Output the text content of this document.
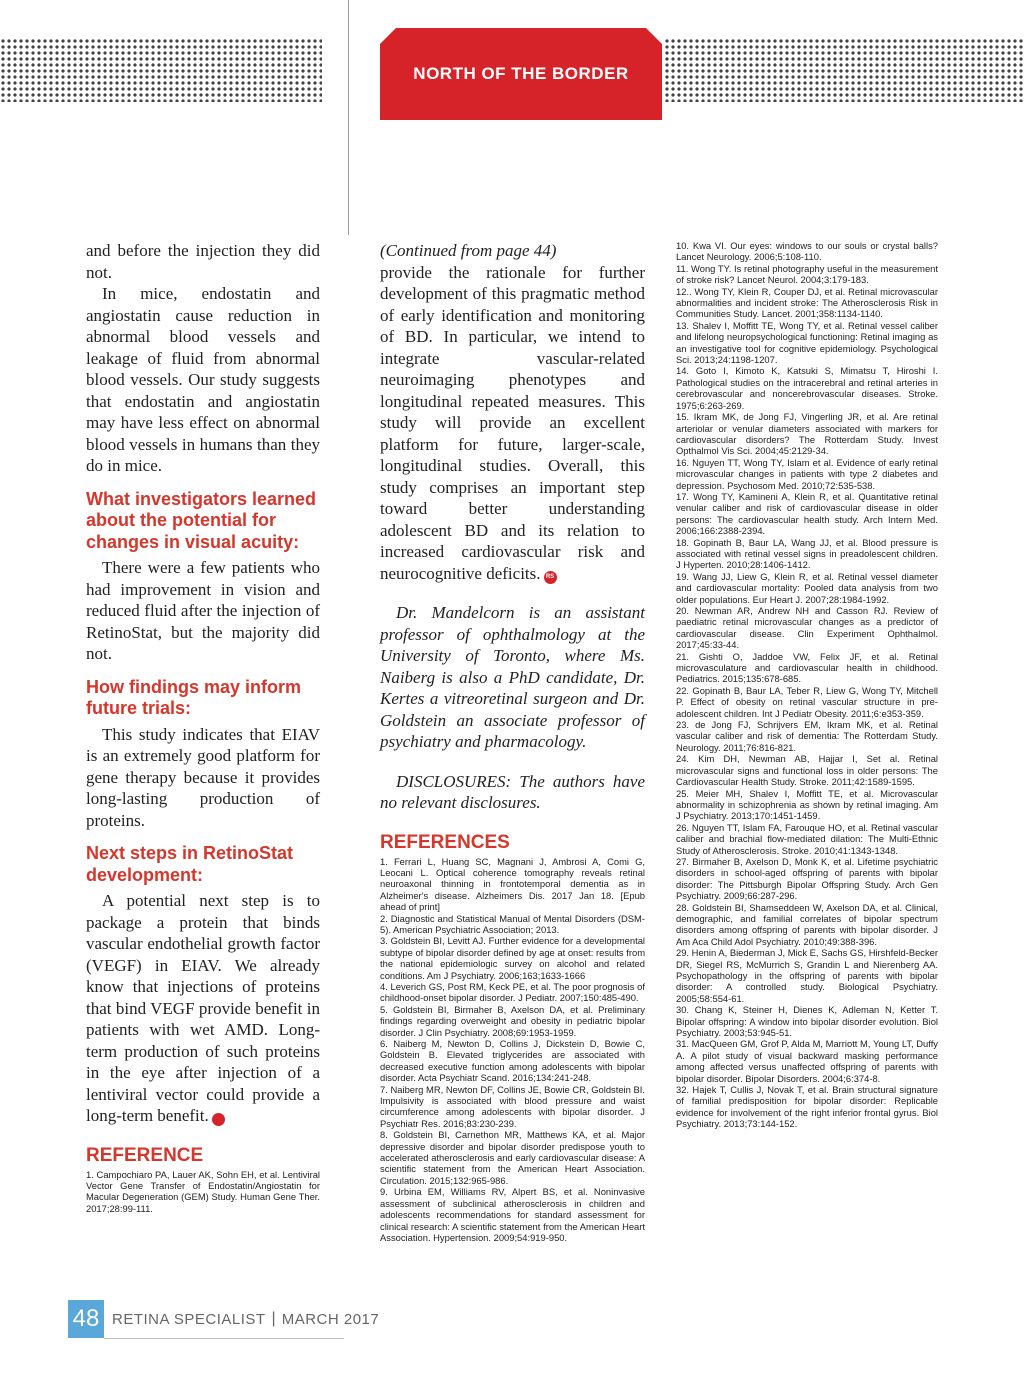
NORTH OF THE BORDER

and before the injection they did not.

In mice, endostatin and angiostatin cause reduction in abnormal blood vessels and leakage of fluid from abnormal blood vessels. Our study suggests that endostatin and angiostatin may have less effect on abnormal blood vessels in humans than they do in mice.

What investigators learned about the potential for changes in visual acuity:

There were a few patients who had improvement in vision and reduced fluid after the injection of RetinoStat, but the majority did not.

How findings may inform future trials:

This study indicates that EIAV is an extremely good platform for gene therapy because it provides long-lasting production of proteins.

Next steps in RetinoStat development:

A potential next step is to package a protein that binds vascular endothelial growth factor (VEGF) in EIAV. We already know that injections of proteins that bind VEGF provide benefit in patients with wet AMD. Long-term production of such proteins in the eye after injection of a lentiviral vector could provide a long-term benefit.	RS

REFERENCE
1. Campochiaro PA, Lauer AK, Sohn EH, et al. Lentiviral Vector Gene Transfer of Endostatin/Angiostatin for Macular Degeneration (GEM) Study. Human Gene Ther. 2017;28:99-111.

(Continued from page 44)

provide the rationale for further development of this pragmatic method of early identification and monitoring of BD. In particular, we intend to integrate vascular-related neuroimaging phenotypes and longitudinal repeated measures. This study will provide an excellent platform for future, larger-scale, longitudinal studies. Overall, this study comprises an important step toward better understanding adolescent BD and its relation to increased cardiovascular risk and neurocognitive deficits. RS

Dr. Mandelcorn is an assistant professor of ophthalmology at the University of Toronto, where Ms. Naiberg is also a PhD candidate, Dr. Kertes a vitreoretinal surgeon and Dr. Goldstein an associate professor of psychiatry and pharmacology.

DISCLOSURES: The authors have no relevant disclosures.

REFERENCES
1. Ferrari L, Huang SC, Magnani J, Ambrosi A, Comi G, Leocani L. Optical coherence tomography reveals retinal neuroaxonal thinning in frontotemporal dementia as in Alzheimer's disease. Alzheimers Dis. 2017 Jan 18. [Epub ahead of print]
2. Diagnostic and Statistical Manual of Mental Disorders (DSM-5). American Psychiatric Association; 2013.
3. Goldstein BI, Levitt AJ. Further evidence for a developmental subtype of bipolar disorder defined by age at onset: results from the national epidemiologic survey on alcohol and related conditions. Am J Psychiatry. 2006;163;1633-1666
4. Leverich GS, Post RM, Keck PE, et al. The poor prognosis of childhood-onset bipolar disorder. J Pediatr. 2007;150:485-490.
5. Goldstein BI, Birmaher B, Axelson DA, et al. Preliminary findings regarding overweight and obesity in pediatric bipolar disorder. J Clin Psychiatry. 2008;69:1953-1959.
6. Naiberg M, Newton D, Collins J, Dickstein D, Bowie C, Goldstein B. Elevated triglycerides are associated with decreased executive function among adolescents with bipolar disorder. Acta Psychiatr Scand. 2016;134:241-248.
7. Naiberg MR, Newton DF, Collins JE, Bowie CR, Goldstein BI. Impulsivity is associated with blood pressure and waist circumference among adolescents with bipolar disorder. J Psychiatr Res. 2016;83:230-239.
8. Goldstein BI, Carnethon MR, Matthews KA, et al. Major depressive disorder and bipolar disorder predispose youth to accelerated atherosclerosis and early cardiovascular disease: A scientific statement from the American Heart Association. Circulation. 2015;132:965-986.
9. Urbina EM, Williams RV, Alpert BS, et al. Noninvasive assessment of subclinical atherosclerosis in children and adolescents recommendations for standard assessment for clinical research: A scientific statement from the American Heart Association. Hypertension. 2009;54:919-950.
10. Kwa VI. Our eyes: windows to our souls or crystal balls? Lancet Neurology. 2006;5:108-110.
11. Wong TY. Is retinal photography useful in the measurement of stroke risk? Lancet Neurol. 2004;3:179-183.
12.. Wong TY, Klein R, Couper DJ, et al. Retinal microvascular abnormalities and incident stroke: The Atherosclerosis Risk in Communities Study. Lancet. 2001;358:1134-1140.
13. Shalev I, Moffitt TE, Wong TY, et al. Retinal vessel caliber and lifelong neuropsychological functioning: Retinal imaging as an investigative tool for cognitive epidemiology. Psychological Sci. 2013;24:1198-1207.
14. Goto I, Kimoto K, Katsuki S, Mimatsu T, Hiroshi I. Pathological studies on the intracerebral and retinal arteries in cerebrovascular and noncerebrovascular diseases. Stroke. 1975;6:263-269.
15. Ikram MK, de Jong FJ, Vingerling JR, et al. Are retinal arteriolar or venular diameters associated with markers for cardiovascular disorders? The Rotterdam Study. Invest Opthalmol Vis Sci. 2004;45:2129-34.
16. Nguyen TT, Wong TY, Islam et al. Evidence of early retinal microvascular changes in patients with type 2 diabetes and depression. Psychosom Med. 2010;72:535-538.
17. Wong TY, Kamineni A, Klein R, et al. Quantitative retinal venular caliber and risk of cardiovascular disease in older persons: The cardiovascular health study. Arch Intern Med. 2006;166:2388-2394.
18. Gopinath B, Baur LA, Wang JJ, et al. Blood pressure is associated with retinal vessel signs in preadolescent children. J Hyperten. 2010;28:1406-1412.
19. Wang JJ, Liew G, Klein R, et al. Retinal vessel diameter and cardiovascular mortality: Pooled data analysis from two older populations. Eur Heart J. 2007;28:1984-1992.
20. Newman AR, Andrew NH and Casson RJ. Review of paediatric retinal microvascular changes as a predictor of cardiovascular disease. Clin Experiment Ophthalmol. 2017;45:33-44.
21. Gishti O, Jaddoe VW, Felix JF, et al. Retinal microvasculature and cardiovascular health in childhood. Pediatrics. 2015;135:678-685.
22. Gopinath B, Baur LA, Teber R, Liew G, Wong TY, Mitchell P. Effect of obesity on retinal vascular structure in pre-adolescent children. Int J Pediatr Obesity. 2011;6:e353-359.
23. de Jong FJ, Schrijvers EM, Ikram MK, et al. Retinal vascular caliber and risk of dementia: The Rotterdam Study. Neurology. 2011;76:816-821.
24. Kim DH, Newman AB, Hajjar I, Set al. Retinal microvascular signs and functional loss in older persons: The Cardiovascular Health Study. Stroke. 2011;42:1589-1595.
25. Meier MH, Shalev I, Moffitt TE, et al. Microvascular abnormality in schizophrenia as shown by retinal imaging. Am J Psychiatry. 2013;170:1451-1459.
26. Nguyen TT, Islam FA, Farouque HO, et al. Retinal vascular caliber and brachial flow-mediated dilation: The Multi-Ethnic Study of Atherosclerosis. Stroke. 2010;41:1343-1348.
27. Birmaher B, Axelson D, Monk K, et al. Lifetime psychiatric disorders in school-aged offspring of parents with bipolar disorder: The Pittsburgh Bipolar Offspring Study. Arch Gen Psychiatry. 2009;66:287-296.
28. Goldstein BI, Shamseddeen W, Axelson DA, et al. Clinical, demographic, and familial correlates of bipolar spectrum disorders among offspring of parents with bipolar disorder. J Am Aca Child Adol Psychiatry. 2010;49:388-396.
29. Henin A, Biederman J, Mick E, Sachs GS, Hirshfeld-Becker DR, Siegel RS, McMurrich S, Grandin L and Nierenberg AA. Psychopathology in the offspring of parents with bipolar disorder: A controlled study. Biological Psychiatry. 2005;58:554-61.
30. Chang K, Steiner H, Dienes K, Adleman N, Ketter T. Bipolar offspring: A window into bipolar disorder evolution. Biol Psychiatry. 2003;53:945-51.
31. MacQueen GM, Grof P, Alda M, Marriott M, Young LT, Duffy A. A pilot study of visual backward masking performance among affected versus unaffected offspring of parents with bipolar disorder. Bipolar Disorders. 2004;6:374-8.
32. Hajek T, Cullis J, Novak T, et al. Brain structural signature of familial predisposition for bipolar disorder: Replicable evidence for involvement of the right inferior frontal gyrus. Biol Psychiatry. 2013;73:144-152.
48 RETINA SPECIALIST | MARCH 2017
